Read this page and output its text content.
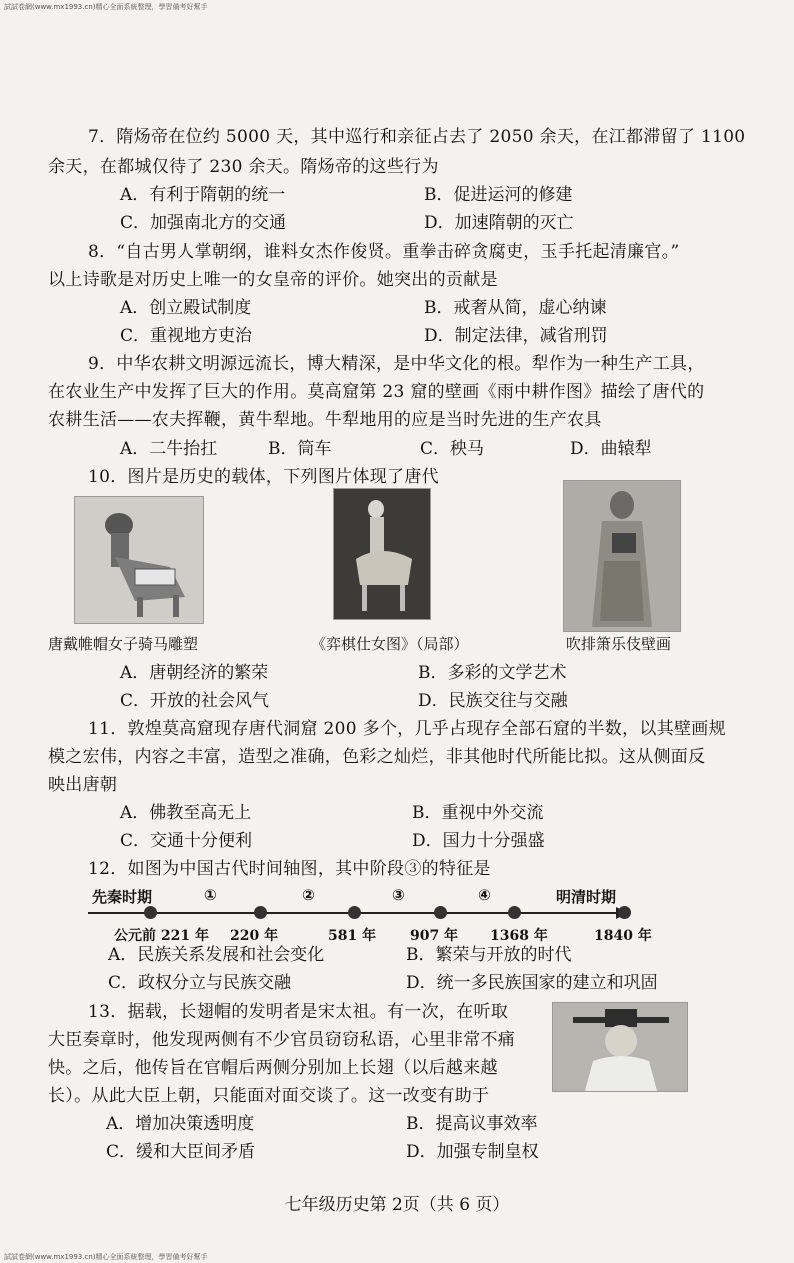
試試卷網(www.mx1993.cn)精心全面系統整理，學習備考好幫手
7．隋炀帝在位约 5000 天，其中巡行和亲征占去了 2050 余天，在江都滞留了 1100
余天，在都城仅待了 230 余天。隋炀帝的这些行为
A．有利于隋朝的统一	B．促进运河的修建
C．加强南北方的交通	D．加速隋朝的灭亡
8．“自古男人掌朝纲，谁料女杰作俊贤。重拳击碎贪腐吏，玉手托起清廉官。”
以上诗歌是对历史上唯一的女皇帝的评价。她突出的贡献是
A．创立殿试制度	B．戒奢从简，虚心纳谏
C．重视地方吏治	D．制定法律，减省刑罚
9．中华农耕文明源远流长，博大精深，是中华文化的根。犁作为一种生产工具，
在农业生产中发挥了巨大的作用。莫高窟第 23 窟的壁画《雨中耕作图》描绘了唐代的
农耕生活——农夫挥鞭，黄牛犁地。牛犁地用的应是当时先进的生产农具
A．二牛抬扛	B．筒车	C．秧马	D．曲辕犁
10．图片是历史的载体，下列图片体现了唐代
唐戴帷帽女子骑马雕塑	《弈棋仕女图》（局部）	吹排箫乐伎壁画
A．唐朝经济的繁荣	B．多彩的文学艺术
C．开放的社会风气	D．民族交往与交融
11．敦煌莫高窟现存唐代洞窟 200 多个，几乎占现存全部石窟的半数，以其壁画规
模之宏伟，内容之丰富，造型之准确，色彩之灿烂，非其他时代所能比拟。这从侧面反
映出唐朝
A．佛教至高无上	B．重视中外交流
C．交通十分便利	D．国力十分强盛
12．如图为中国古代时间轴图，其中阶段③的特征是
先秦时期	①	②	③	④	明清时期
公元前 221 年 220 年	581 年 907 年 1368 年	1840 年
A．民族关系发展和社会变化	B．繁荣与开放的时代
C．政权分立与民族交融	D．统一多民族国家的建立和巩固
13．据载，长翅帽的发明者是宋太祖。有一次，在听取
大臣奏章时，他发现两侧有不少官员窃窃私语，心里非常不痛
快。之后，他传旨在官帽后两侧分别加上长翅（以后越来越
长）。从此大臣上朝，只能面对面交谈了。这一改变有助于
A．增加决策透明度	B．提高议事效率
C．缓和大臣间矛盾	D．加强专制皇权
七年级历史第 2页（共 6 页）
試試卷網(www.mx1993.cn)精心全面系統整理，學習備考好幫手
